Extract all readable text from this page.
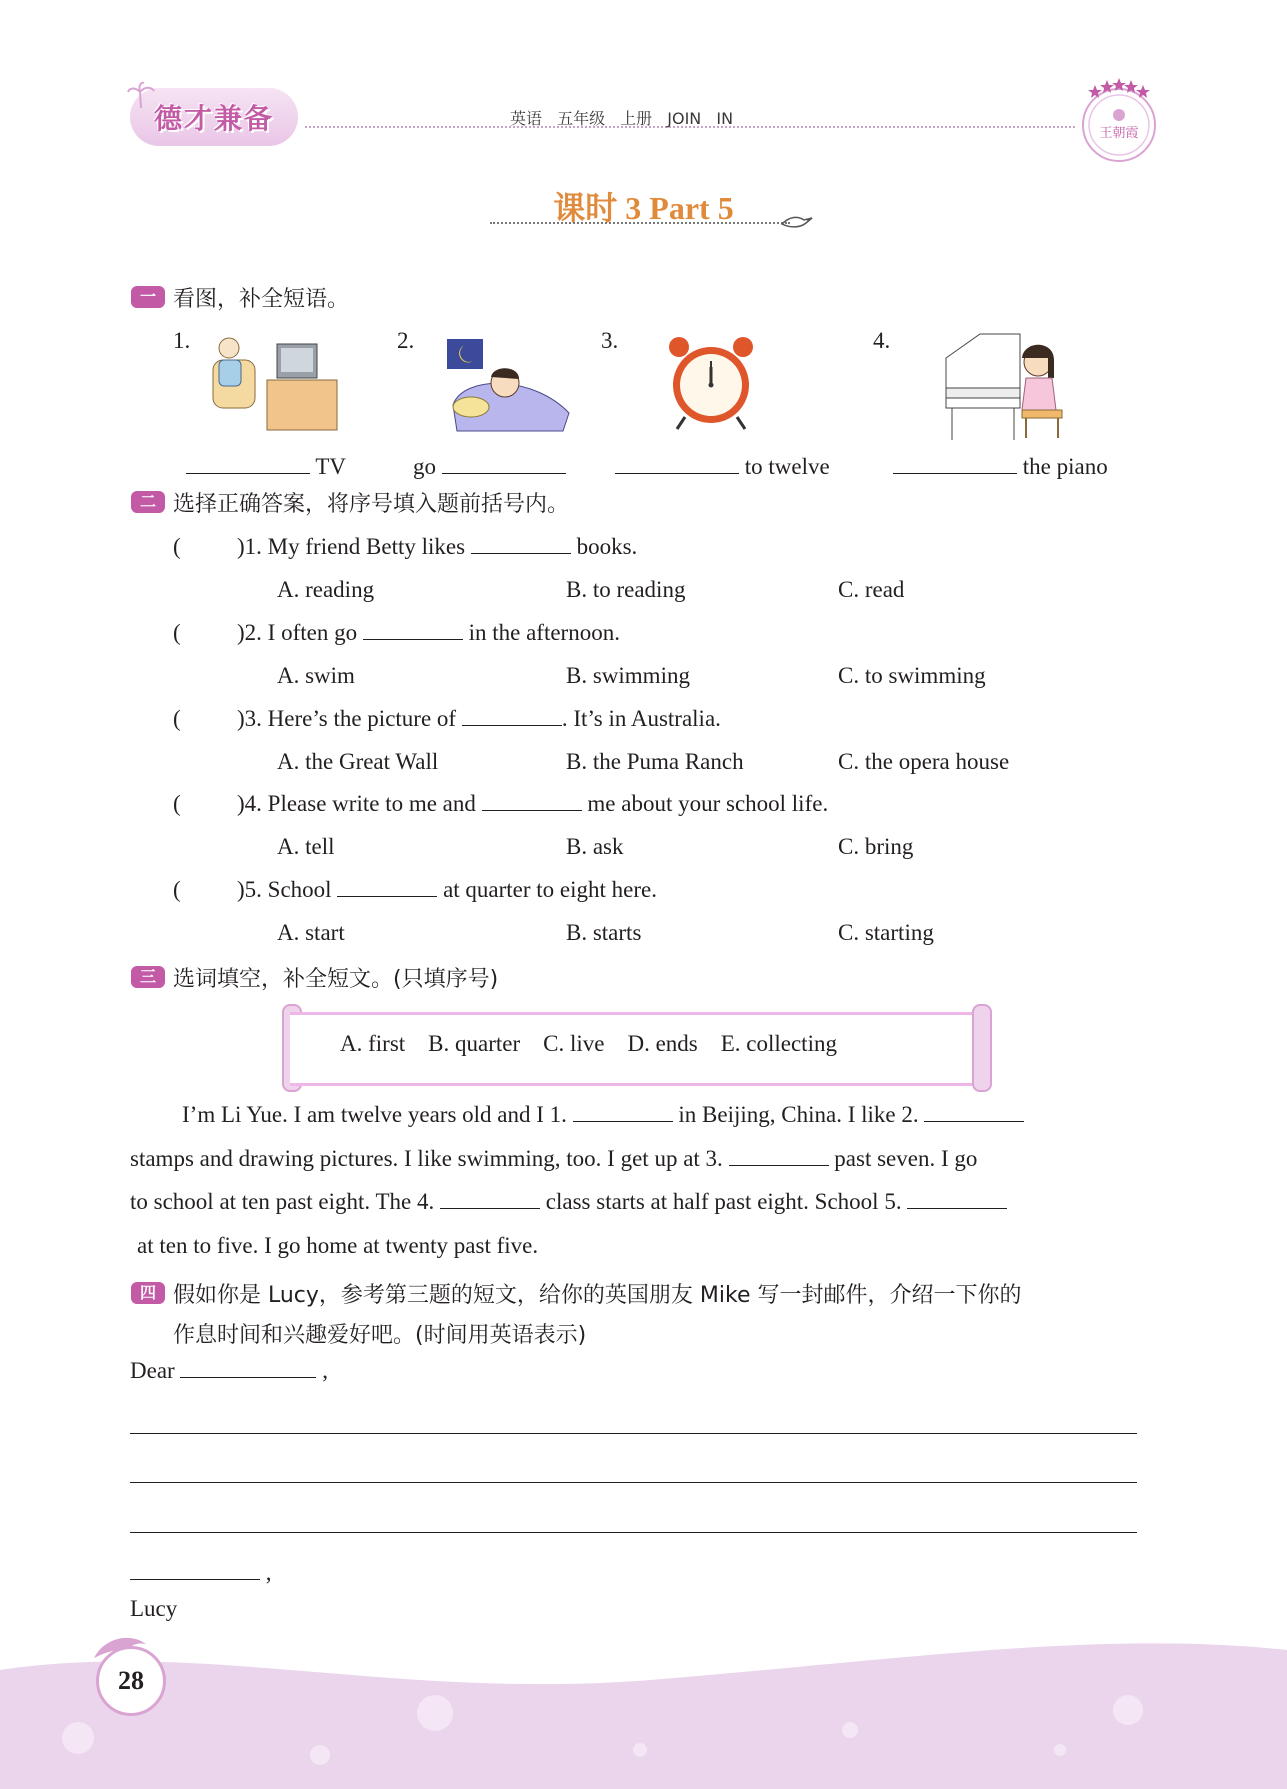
德才兼备	英语 五年级 上册 JOIN IN
王朝霞
课时 3 Part 5
一 看图，补全短语。
1.	2.	3.	4.
TV	go	to twelve	the piano
二 选择正确答案，将序号填入题前括号内。
( )1. My friend Betty likes	books.
A. reading	B. to reading	C. read
( )2. I often go	in the afternoon.
A. swim	B. swimming	C. to swimming
( )3. Here’s the picture of	. It’s in Australia.
A. the Great Wall	B. the Puma Ranch	C. the opera house
( )4. Please write to me and	me about your school life.
A. tell	B. ask	C. bring
( )5. School	at quarter to eight here.
A. start	B. starts	C. starting
三 选词填空，补全短文。(只填序号)
A. first    B. quarter    C. live    D. ends    E. collecting
I’m Li Yue. I am twelve years old and I 1.	in Beijing, China. I like 2.
stamps and drawing pictures. I like swimming, too. I get up at 3.	past seven. I go
to school at ten past eight. The 4.	class starts at half past eight. School 5.
at ten to five. I go home at twenty past five.
四 假如你是 Lucy，参考第三题的短文，给你的英国朋友 Mike 写一封邮件，介绍一下你的
作息时间和兴趣爱好吧。(时间用英语表示)
Dear	,
,
Lucy
28
